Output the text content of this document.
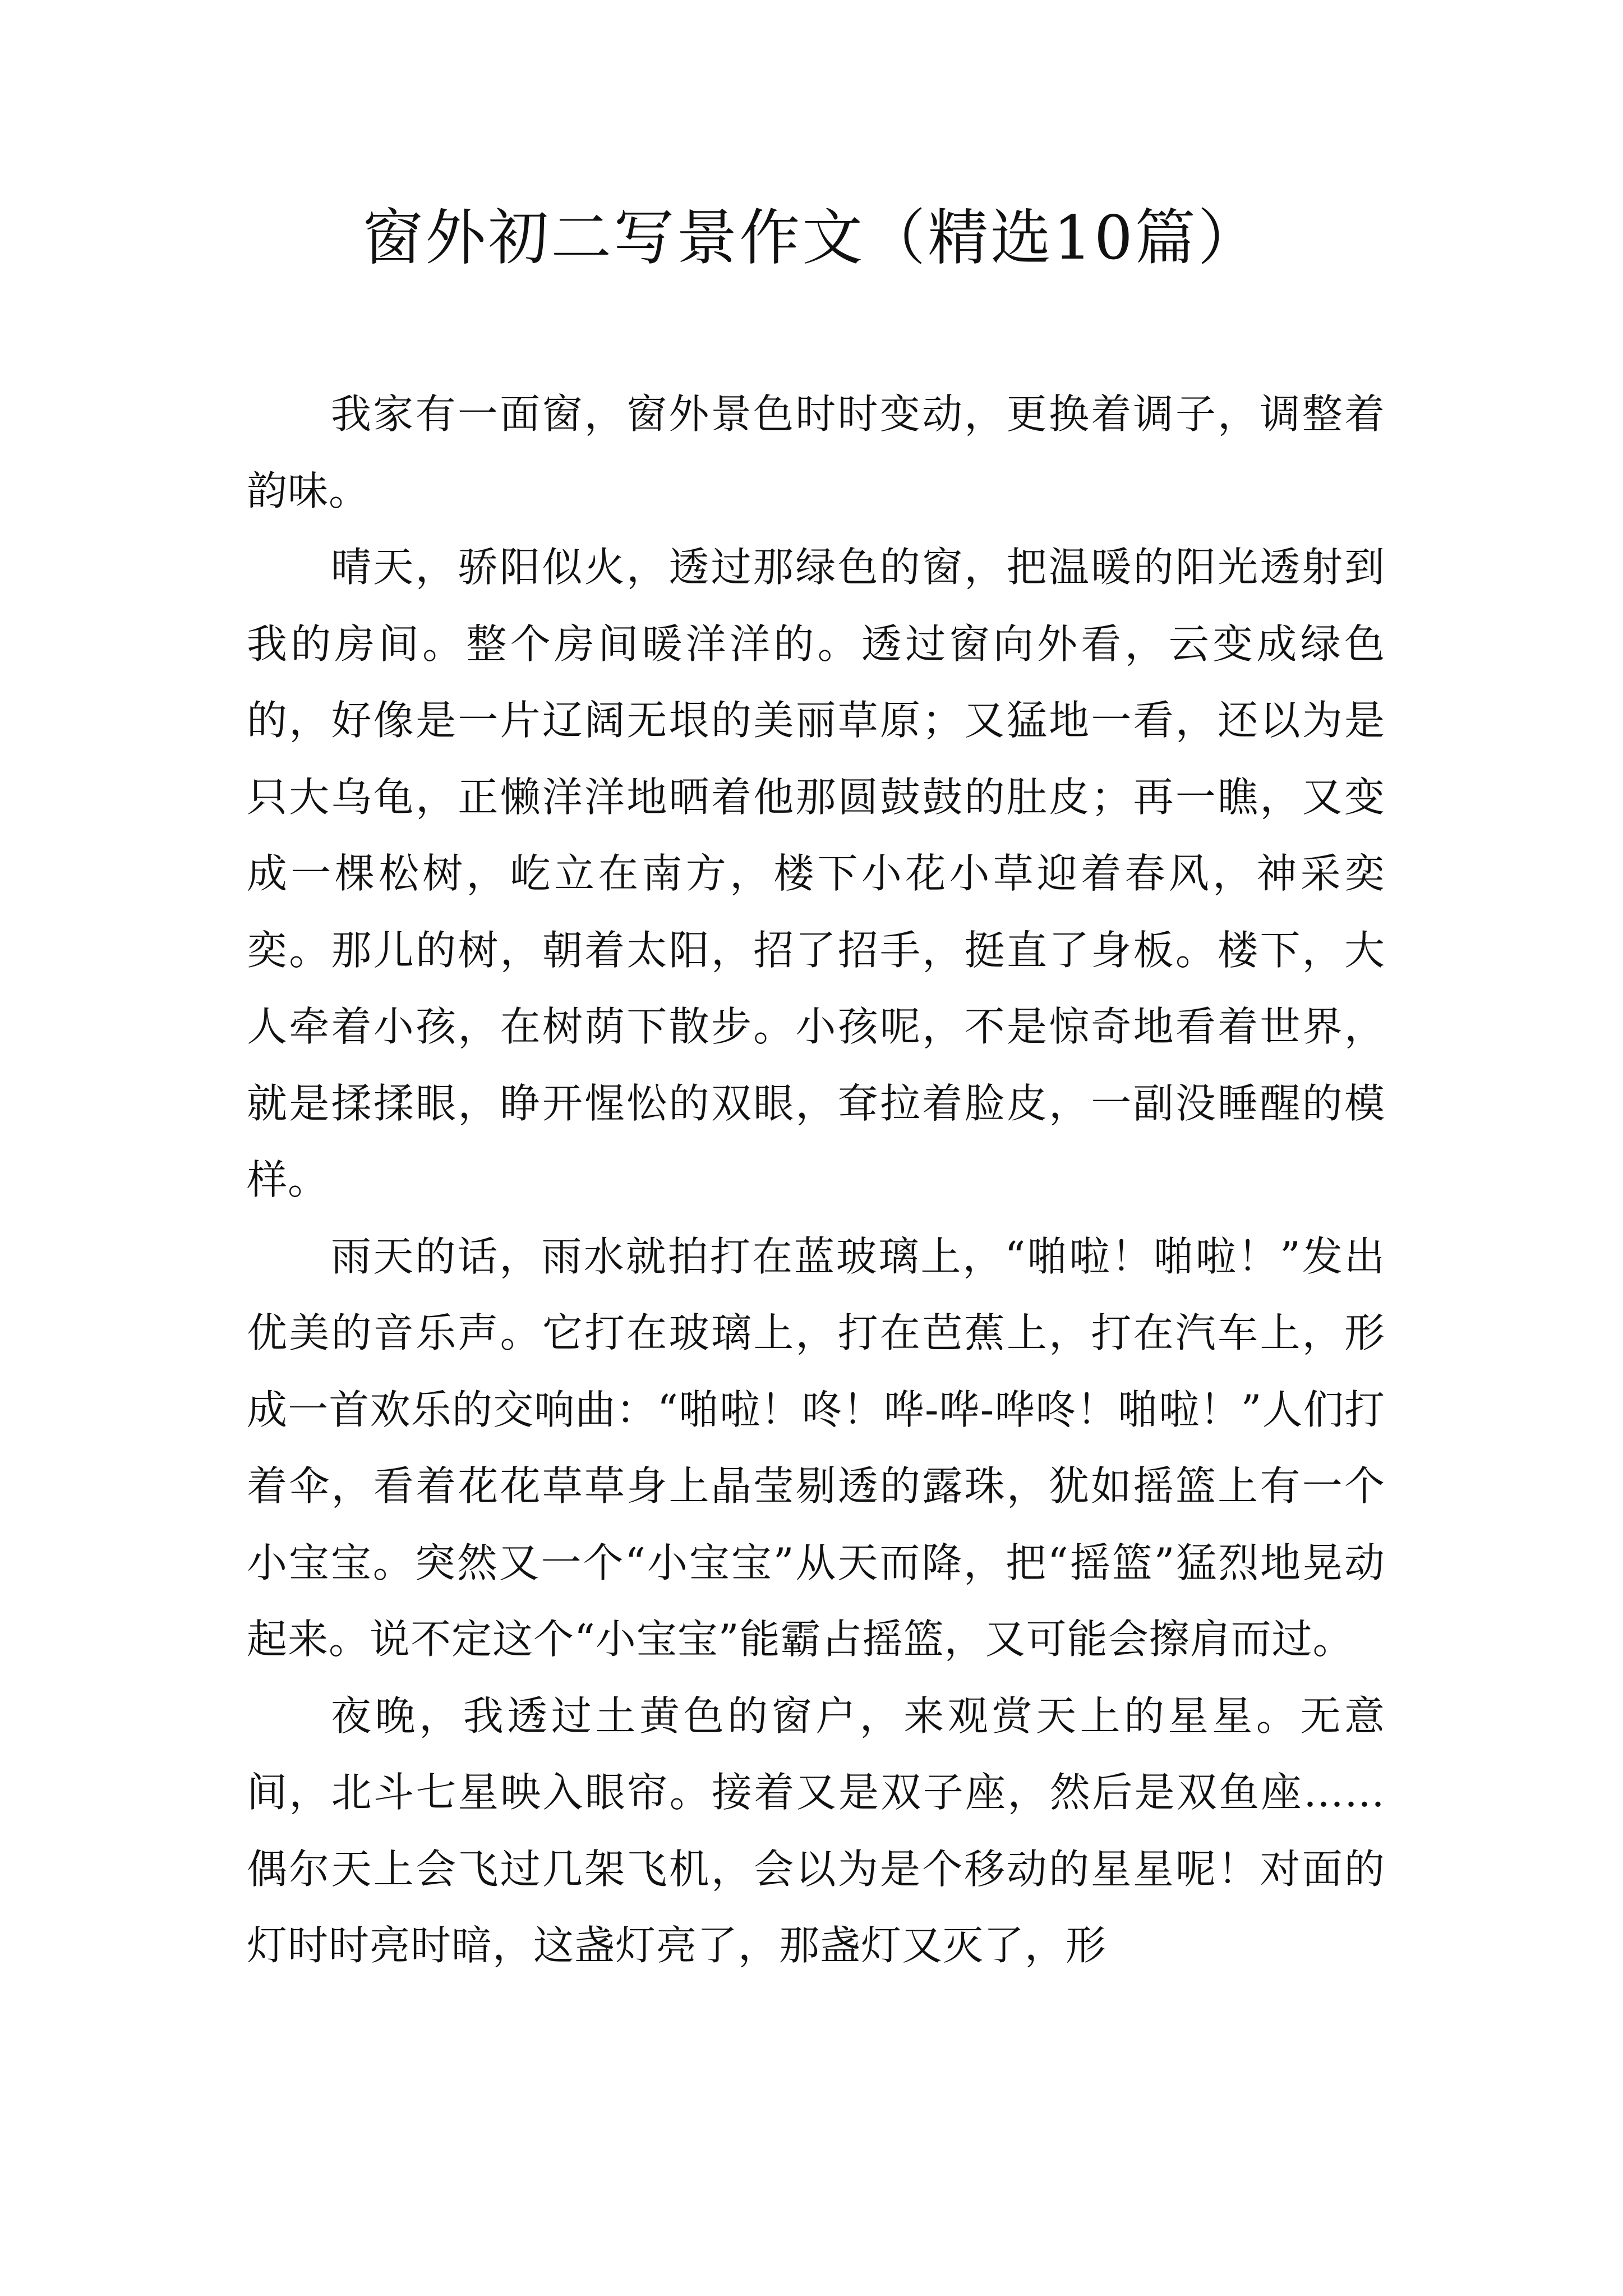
窗外初二写景作文（精选10篇）

我家有一面窗，窗外景色时时变动，更换着调子，调整着韵味。

晴天，骄阳似火，透过那绿色的窗，把温暖的阳光透射到我的房间。整个房间暖洋洋的。透过窗向外看，云变成绿色的，好像是一片辽阔无垠的美丽草原；又猛地一看，还以为是只大乌龟，正懒洋洋地晒着他那圆鼓鼓的肚皮；再一瞧，又变成一棵松树，屹立在南方，楼下小花小草迎着春风，神采奕奕。那儿的树，朝着太阳，招了招手，挺直了身板。楼下，大人牵着小孩，在树荫下散步。小孩呢，不是惊奇地看着世界，就是揉揉眼，睁开惺忪的双眼，耷拉着脸皮，一副没睡醒的模样。

雨天的话，雨水就拍打在蓝玻璃上，“啪啦！啪啦！”发出优美的音乐声。它打在玻璃上，打在芭蕉上，打在汽车上，形成一首欢乐的交响曲：“啪啦！咚！哗-哗-哗咚！啪啦！”人们打着伞，看着花花草草身上晶莹剔透的露珠，犹如摇篮上有一个小宝宝。突然又一个“小宝宝”从天而降，把“摇篮”猛烈地晃动起来。说不定这个“小宝宝”能霸占摇篮，又可能会擦肩而过。

夜晚，我透过土黄色的窗户，来观赏天上的星星。无意间，北斗七星映入眼帘。接着又是双子座，然后是双鱼座……偶尔天上会飞过几架飞机，会以为是个移动的星星呢！对面的灯时时亮时暗，这盏灯亮了，那盏灯又灭了，形
